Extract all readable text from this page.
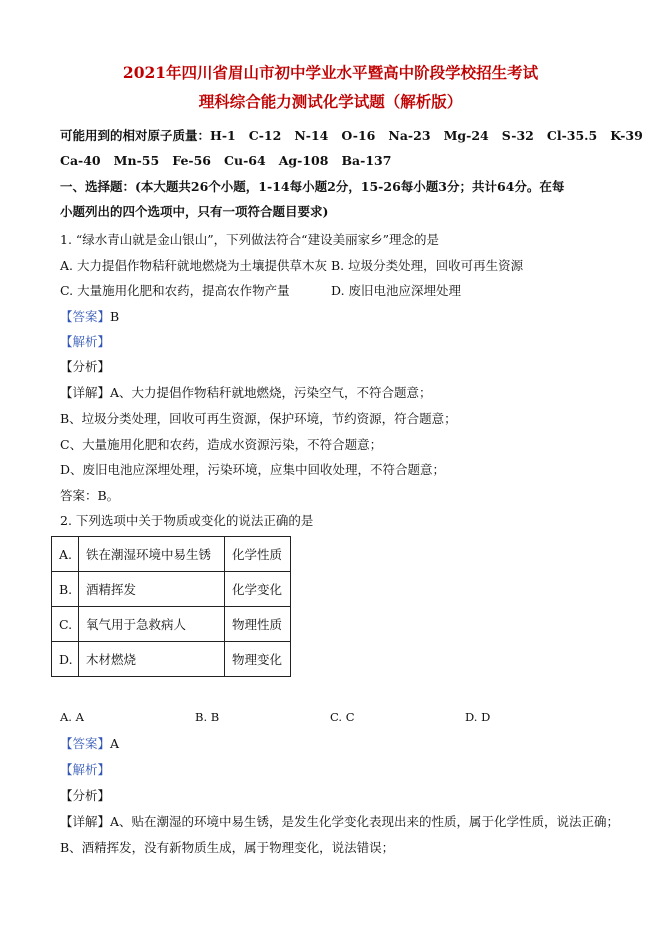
2021年四川省眉山市初中学业水平暨高中阶段学校招生考试
理科综合能力测试化学试题（解析版）
可能用到的相对原子质量：H-1   C-12   N-14   O-16   Na-23   Mg-24   S-32   Cl-35.5   K-39
Ca-40   Mn-55   Fe-56   Cu-64   Ag-108   Ba-137
一、选择题：(本大题共26个小题，1-14每小题2分，15-26每小题3分；共计64分。在每
小题列出的四个选项中，只有一项符合题目要求)
1. “绿水青山就是金山银山”，下列做法符合“建设美丽家乡”理念的是
A. 大力提倡作物秸秆就地燃烧为土壤提供草木灰 B. 垃圾分类处理，回收可再生资源
C. 大量施用化肥和农药，提高农作物产量	D. 废旧电池应深埋处理
【答案】B
【解析】
【分析】
【详解】A、大力提倡作物秸秆就地燃烧，污染空气，不符合题意；
B、垃圾分类处理，回收可再生资源，保护环境，节约资源，符合题意；
C、大量施用化肥和农药，造成水资源污染，不符合题意；
D、废旧电池应深埋处理，污染环境，应集中回收处理，不符合题意；
答案：B。
2. 下列选项中关于物质或变化的说法正确的是
A.	铁在潮湿环境中易生锈	化学性质
B.	酒精挥发	化学变化
C.	氧气用于急救病人	物理性质
D.	木材燃烧	物理变化
A. A	B. B	C. C	D. D
【答案】A
【解析】
【分析】
【详解】A、贴在潮湿的环境中易生锈，是发生化学变化表现出来的性质，属于化学性质，说法正确；
B、酒精挥发，没有新物质生成，属于物理变化，说法错误；
